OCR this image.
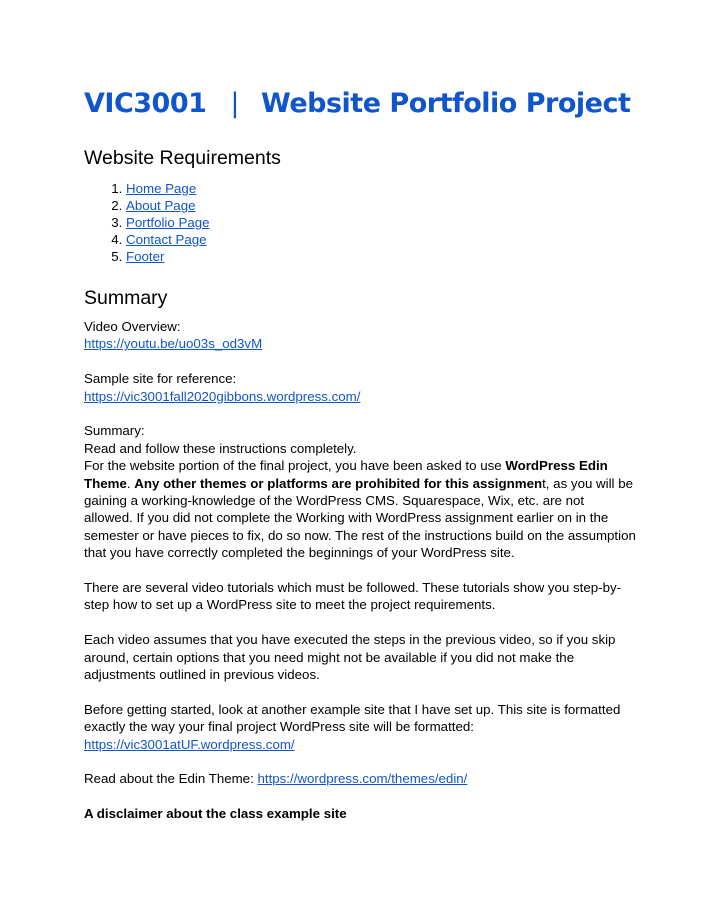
VIC3001 | Website Portfolio Project
Website Requirements
1. Home Page
2. About Page
3. Portfolio Page
4. Contact Page
5. Footer
Summary

Video Overview:

https://youtu.be/uo03s_od3vM

Sample site for reference:

https://vic3001fall2020gibbons.wordpress.com/

Summary:

Read and follow these instructions completely.

For the website portion of the final project, you have been asked to use WordPress Edin Theme. Any other themes or platforms are prohibited for this assignment, as you will be gaining a working-knowledge of the WordPress CMS. Squarespace, Wix, etc. are not allowed. If you did not complete the Working with WordPress assignment earlier on in the semester or have pieces to fix, do so now. The rest of the instructions build on the assumption that you have correctly completed the beginnings of your WordPress site.

There are several video tutorials which must be followed. These tutorials show you step-by-step how to set up a WordPress site to meet the project requirements.

Each video assumes that you have executed the steps in the previous video, so if you skip around, certain options that you need might not be available if you did not make the adjustments outlined in previous videos.

Before getting started, look at another example site that I have set up. This site is formatted exactly the way your final project WordPress site will be formatted:

https://vic3001atUF.wordpress.com/

Read about the Edin Theme: https://wordpress.com/themes/edin/

A disclaimer about the class example site
